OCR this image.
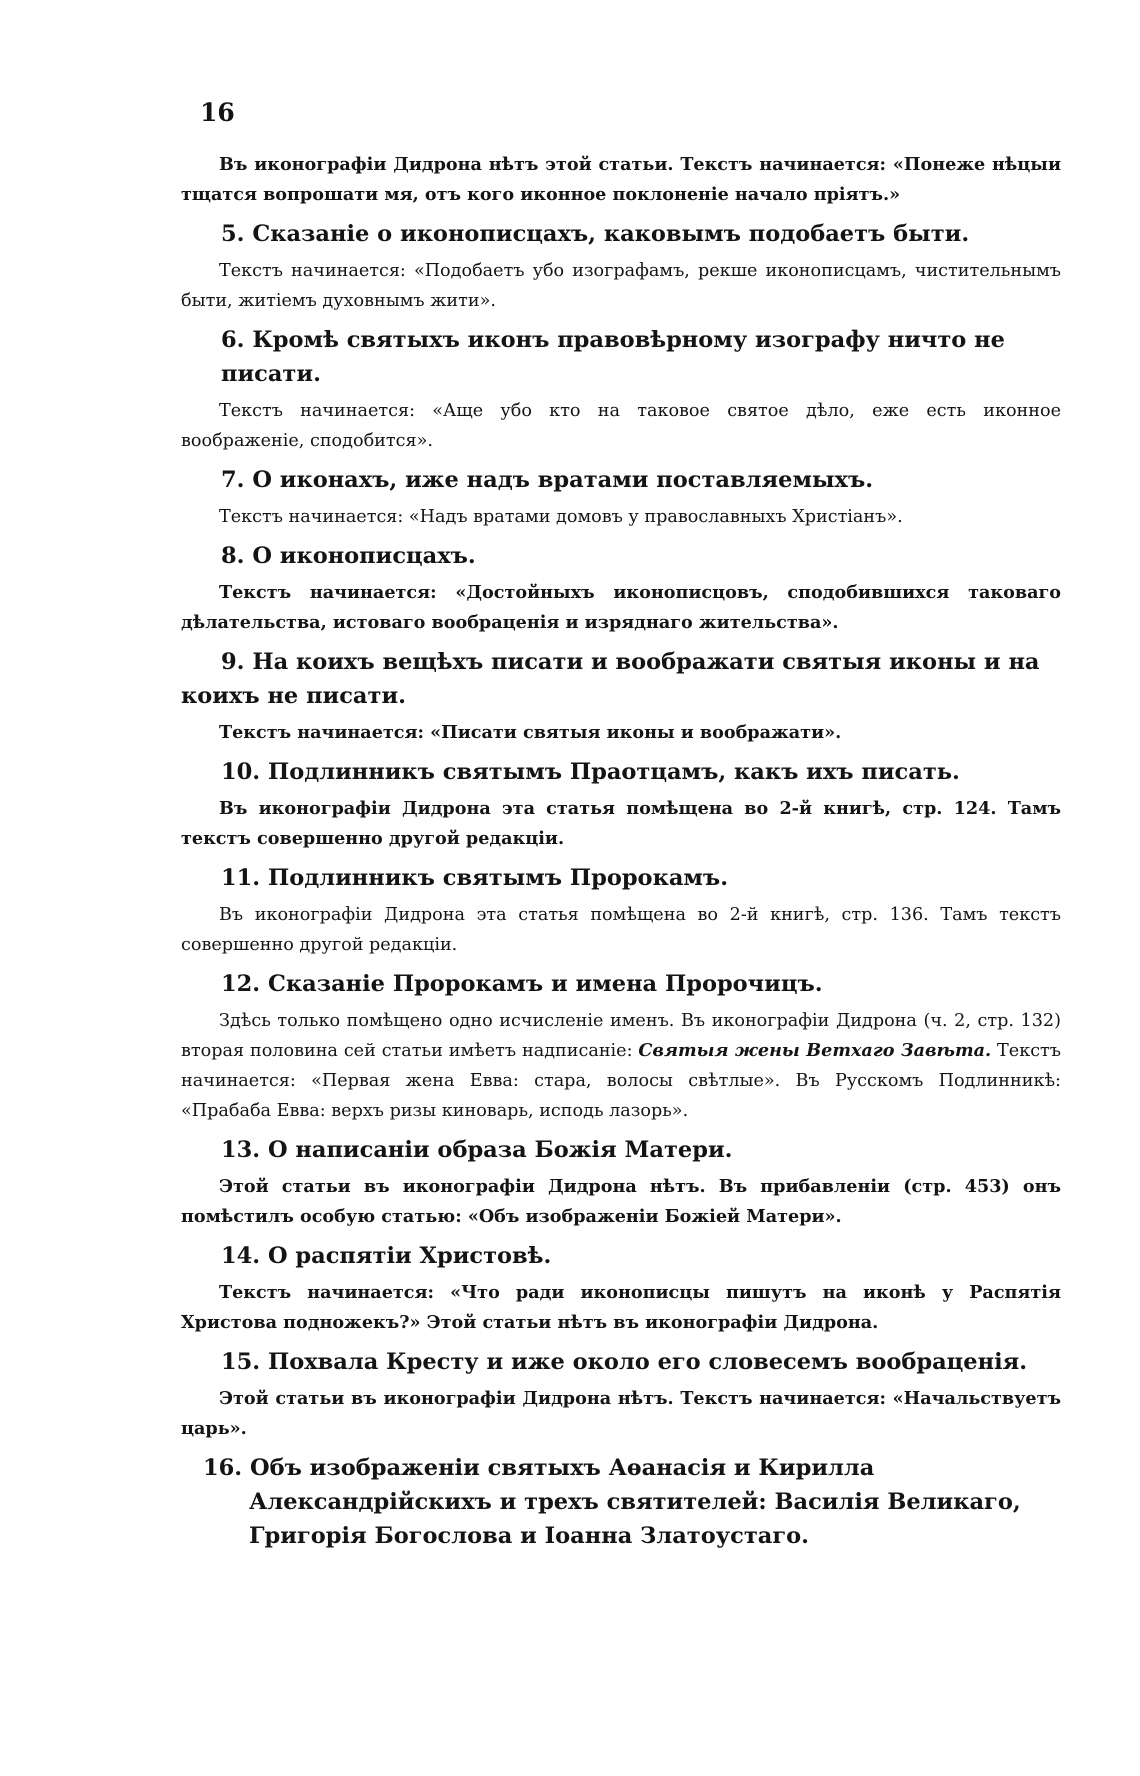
16

Въ иконографіи Дидрона нѣтъ этой статьи. Текстъ начинается: «Понеже нѣцыи тщатся вопрошати мя, отъ кого иконное поклоненіе начало пріятъ.»

5. Сказаніе о иконописцахъ, каковымъ подобаетъ быти.

Текстъ начинается: «Подобаетъ убо изографамъ, рекше иконописцамъ, чистительнымъ быти, житіемъ духовнымъ жити».

6. Кромѣ святыхъ иконъ правовѣрному изографу ничто не писати.

Текстъ начинается: «Аще убо кто на таковое святое дѣло, еже есть иконное воображеніе, сподобится».

7. О иконахъ, иже надъ вратами поставляемыхъ.

Текстъ начинается: «Надъ вратами домовъ у православныхъ Христіанъ».

8. О иконописцахъ.

Текстъ начинается: «Достойныхъ иконописцовъ, сподобившихся таковаго дѣлательства, истоваго вообраценія и изряднаго жительства».

9. На коихъ вещѣхъ писати и воображати святыя иконы и на коихъ не писати.

Текстъ начинается: «Писати святыя иконы и воображати».

10. Подлинникъ святымъ Праотцамъ, какъ ихъ писать.

Въ иконографіи Дидрона эта статья помѣщена во 2-й книгѣ, стр. 124. Тамъ текстъ совершенно другой редакціи.

11. Подлинникъ святымъ Пророкамъ.

Въ иконографіи Дидрона эта статья помѣщена во 2-й книгѣ, стр. 136. Тамъ текстъ совершенно другой редакціи.

12. Сказаніе Пророкамъ и имена Пророчицъ.

Здѣсь только помѣщено одно исчисленіе именъ. Въ иконографіи Дидрона (ч. 2, стр. 132) вторая половина сей статьи имѣетъ надписаніе: Святыя жены Ветхаго Завѣта. Текстъ начинается: «Первая жена Евва: стара, волосы свѣтлые». Въ Русскомъ Подлинникѣ: «Прабаба Евва: верхъ ризы киноварь, исподь лазорь».

13. О написаніи образа Божія Матери.

Этой статьи въ иконографіи Дидрона нѣтъ. Въ прибавленіи (стр. 453) онъ помѣстилъ особую статью: «Объ изображеніи Божіей Матери».

14. О распятіи Христовѣ.

Текстъ начинается: «Что ради иконописцы пишутъ на иконѣ у Распятія Христова подножекъ?» Этой статьи нѣтъ въ иконографіи Дидрона.

15. Похвала Кресту и иже около его словесемъ вообраценія.

Этой статьи въ иконографіи Дидрона нѣтъ. Текстъ начинается: «Начальствуетъ царь».

16. Объ изображеніи святыхъ Аѳанасія и Кирилла Александрійскихъ и трехъ святителей: Василія Великаго, Григорія Богослова и Іоанна Златоустаго.
